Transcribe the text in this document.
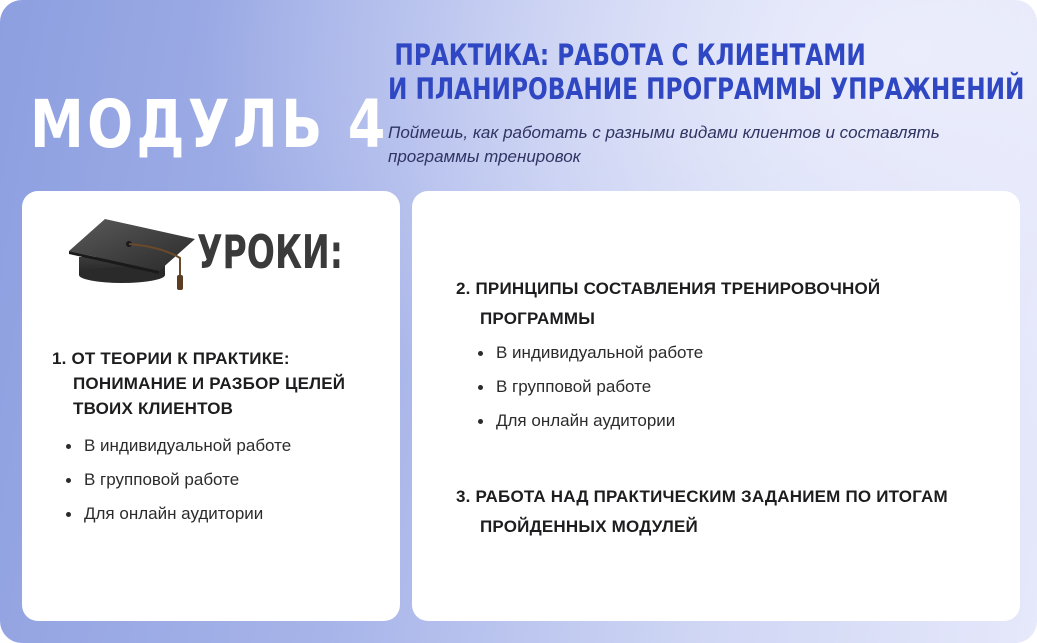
МОДУЛЬ 4
ПРАКТИКА: РАБОТА С КЛИЕНТАМИ
И ПЛАНИРОВАНИЕ ПРОГРАММЫ УПРАЖНЕНИЙ

Поймешь, как работать с разными видами клиентов и составлять программы тренировок

УРОКИ:
1. ОТ ТЕОРИИ К ПРАКТИКЕ:
ПОНИМАНИЕ И РАЗБОР ЦЕЛЕЙ
ТВОИХ КЛИЕНТОВ
В индивидуальной работе
В групповой работе
Для онлайн аудитории
2. ПРИНЦИПЫ СОСТАВЛЕНИЯ ТРЕНИРОВОЧНОЙ
ПРОГРАММЫ
В индивидуальной работе
В групповой работе
Для онлайн аудитории
3. РАБОТА НАД ПРАКТИЧЕСКИМ ЗАДАНИЕМ ПО ИТОГАМ
ПРОЙДЕННЫХ МОДУЛЕЙ
